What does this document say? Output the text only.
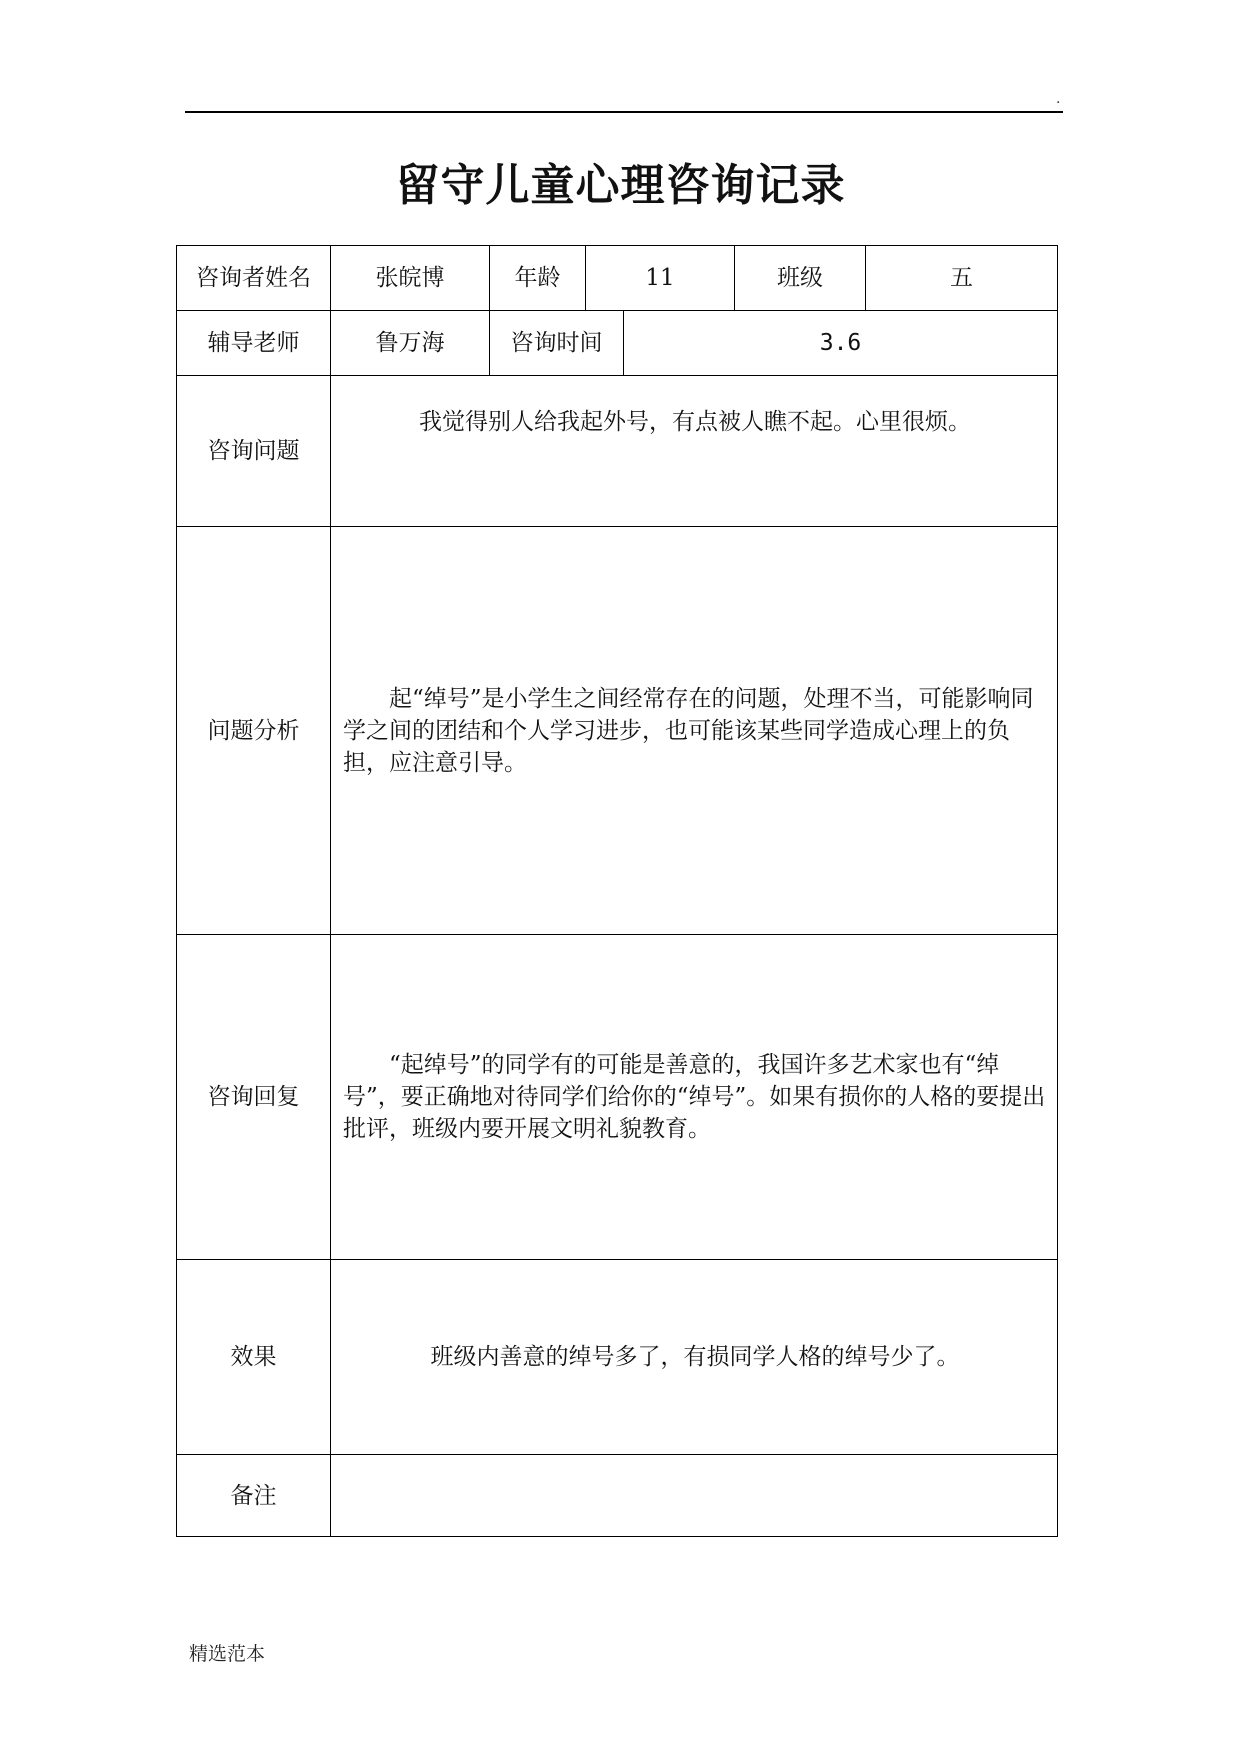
.
留守儿童心理咨询记录
咨询者姓名	张皖博	年龄	11		班级	五
辅导老师	鲁万海	咨询时间		3.6		
咨询问题	我觉得别人给我起外号，有点被人瞧不起。心里很烦。					

问题分析	起“绰号”是小学生之间经常存在的问题，处理不当，可能影响同学之间的团结和个人学习进步，也可能该某些同学造成心理上的负担，应注意引导。					

咨询回复	“起绰号”的同学有的可能是善意的，我国许多艺术家也有“绰号”，要正确地对待同学们给你的“绰号”。如果有损你的人格的要提出批评，班级内要开展文明礼貌教育。					

效果	班级内善意的绰号多了，有损同学人格的绰号少了。					

备注						
精选范本
